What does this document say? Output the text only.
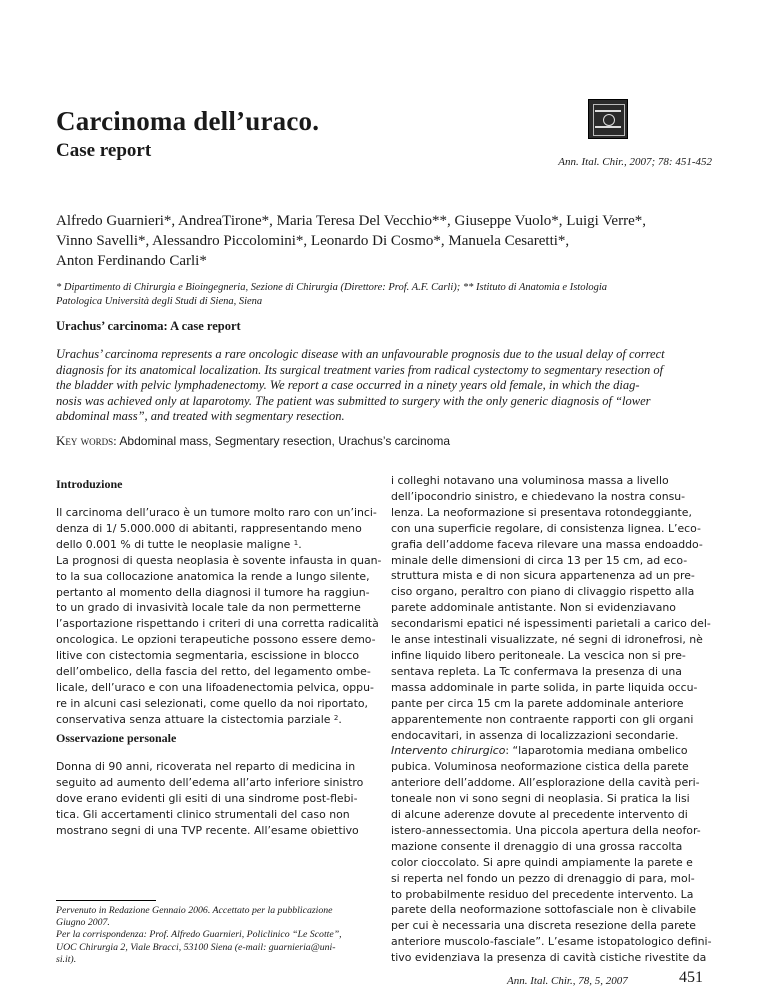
Carcinoma dell’uraco.
Case report
Ann. Ital. Chir., 2007; 78: 451-452
Alfredo Guarnieri*, AndreaTirone*, Maria Teresa Del Vecchio**, Giuseppe Vuolo*, Luigi Verre*,
Vinno Savelli*, Alessandro Piccolomini*, Leonardo Di Cosmo*, Manuela Cesaretti*,
Anton Ferdinando Carli*
* Dipartimento di Chirurgia e Bioingegneria, Sezione di Chirurgia (Direttore: Prof. A.F. Carli); ** Istituto di Anatomia e Istologia
Patologica Università degli Studi di Siena, Siena
Urachus’ carcinoma: A case report
Urachus’ carcinoma represents a rare oncologic disease with an unfavourable prognosis due to the usual delay of correct
diagnosis for its anatomical localization. Its surgical treatment varies from radical cystectomy to segmentary resection of
the bladder with pelvic lymphadenectomy. We report a case occurred in a ninety years old female, in which the diag-
nosis was achieved only at laparotomy. The patient was submitted to surgery with the only generic diagnosis of “lower
abdominal mass”, and treated with segmentary resection.
Key words: Abdominal mass, Segmentary resection, Urachus’s carcinoma
Introduzione
Il carcinoma dell’uraco è un tumore molto raro con un’inci-
denza di 1/ 5.000.000 di abitanti, rappresentando meno
dello 0.001 % di tutte le neoplasie maligne $^1$.
La prognosi di questa neoplasia è sovente infausta in quan-
to la sua collocazione anatomica la rende a lungo silente,
pertanto al momento della diagnosi il tumore ha raggiun-
to un grado di invasività locale tale da non permetterne
l’asportazione rispettando i criteri di una corretta radicalità
oncologica. Le opzioni terapeutiche possono essere demo-
litive con cistectomia segmentaria, escissione in blocco
dell’ombelico, della fascia del retto, del legamento ombe-
licale, dell’uraco e con una lifoadenectomia pelvica, oppu-
re in alcuni casi selezionati, come quello da noi riportato,
conservativa senza attuare la cistectomia parziale $^2$.
Osservazione personale
Donna di 90 anni, ricoverata nel reparto di medicina in
seguito ad aumento dell’edema all’arto inferiore sinistro
dove erano evidenti gli esiti di una sindrome post-flebi-
tica. Gli accertamenti clinico strumentali del caso non
mostrano segni di una TVP recente. All’esame obiettivo
Pervenuto in Redazione Gennaio 2006. Accettato per la pubblicazione
Giugno 2007.
Per la corrispondenza: Prof. Alfredo Guarnieri, Policlinico “Le Scotte”,
UOC Chirurgia 2, Viale Bracci, 53100 Siena (e-mail: guarnieria@uni-
si.it).
i colleghi notavano una voluminosa massa a livello
dell’ipocondrio sinistro, e chiedevano la nostra consu-
lenza. La neoformazione si presentava rotondeggiante,
con una superficie regolare, di consistenza lignea. L’eco-
grafia dell’addome faceva rilevare una massa endoaddo-
minale delle dimensioni di circa 13 per 15 cm, ad eco-
struttura mista e di non sicura appartenenza ad un pre-
ciso organo, peraltro con piano di clivaggio rispetto alla
parete addominale antistante. Non si evidenziavano
secondarismi epatici né ispessimenti parietali a carico del-
le anse intestinali visualizzate, né segni di idronefrosi, nè
infine liquido libero peritoneale. La vescica non si pre-
sentava repleta. La Tc confermava la presenza di una
massa addominale in parte solida, in parte liquida occu-
pante per circa 15 cm la parete addominale anteriore
apparentemente non contraente rapporti con gli organi
endocavitari, in assenza di localizzazioni secondarie.
Intervento chirurgico: “laparotomia mediana ombelico
pubica. Voluminosa neoformazione cistica della parete
anteriore dell’addome. All’esplorazione della cavità peri-
toneale non vi sono segni di neoplasia. Si pratica la lisi
di alcune aderenze dovute al precedente intervento di
istero-annessectomia. Una piccola apertura della neofor-
mazione consente il drenaggio di una grossa raccolta
color cioccolato. Si apre quindi ampiamente la parete e
si reperta nel fondo un pezzo di drenaggio di para, mol-
to probabilmente residuo del precedente intervento. La
parete della neoformazione sottofasciale non è clivabile
per cui è necessaria una discreta resezione della parete
anteriore muscolo-fasciale”. L’esame istopatologico defini-
tivo evidenziava la presenza di cavità cistiche rivestite da
Ann. Ital. Chir., 78, 5, 2007	451
